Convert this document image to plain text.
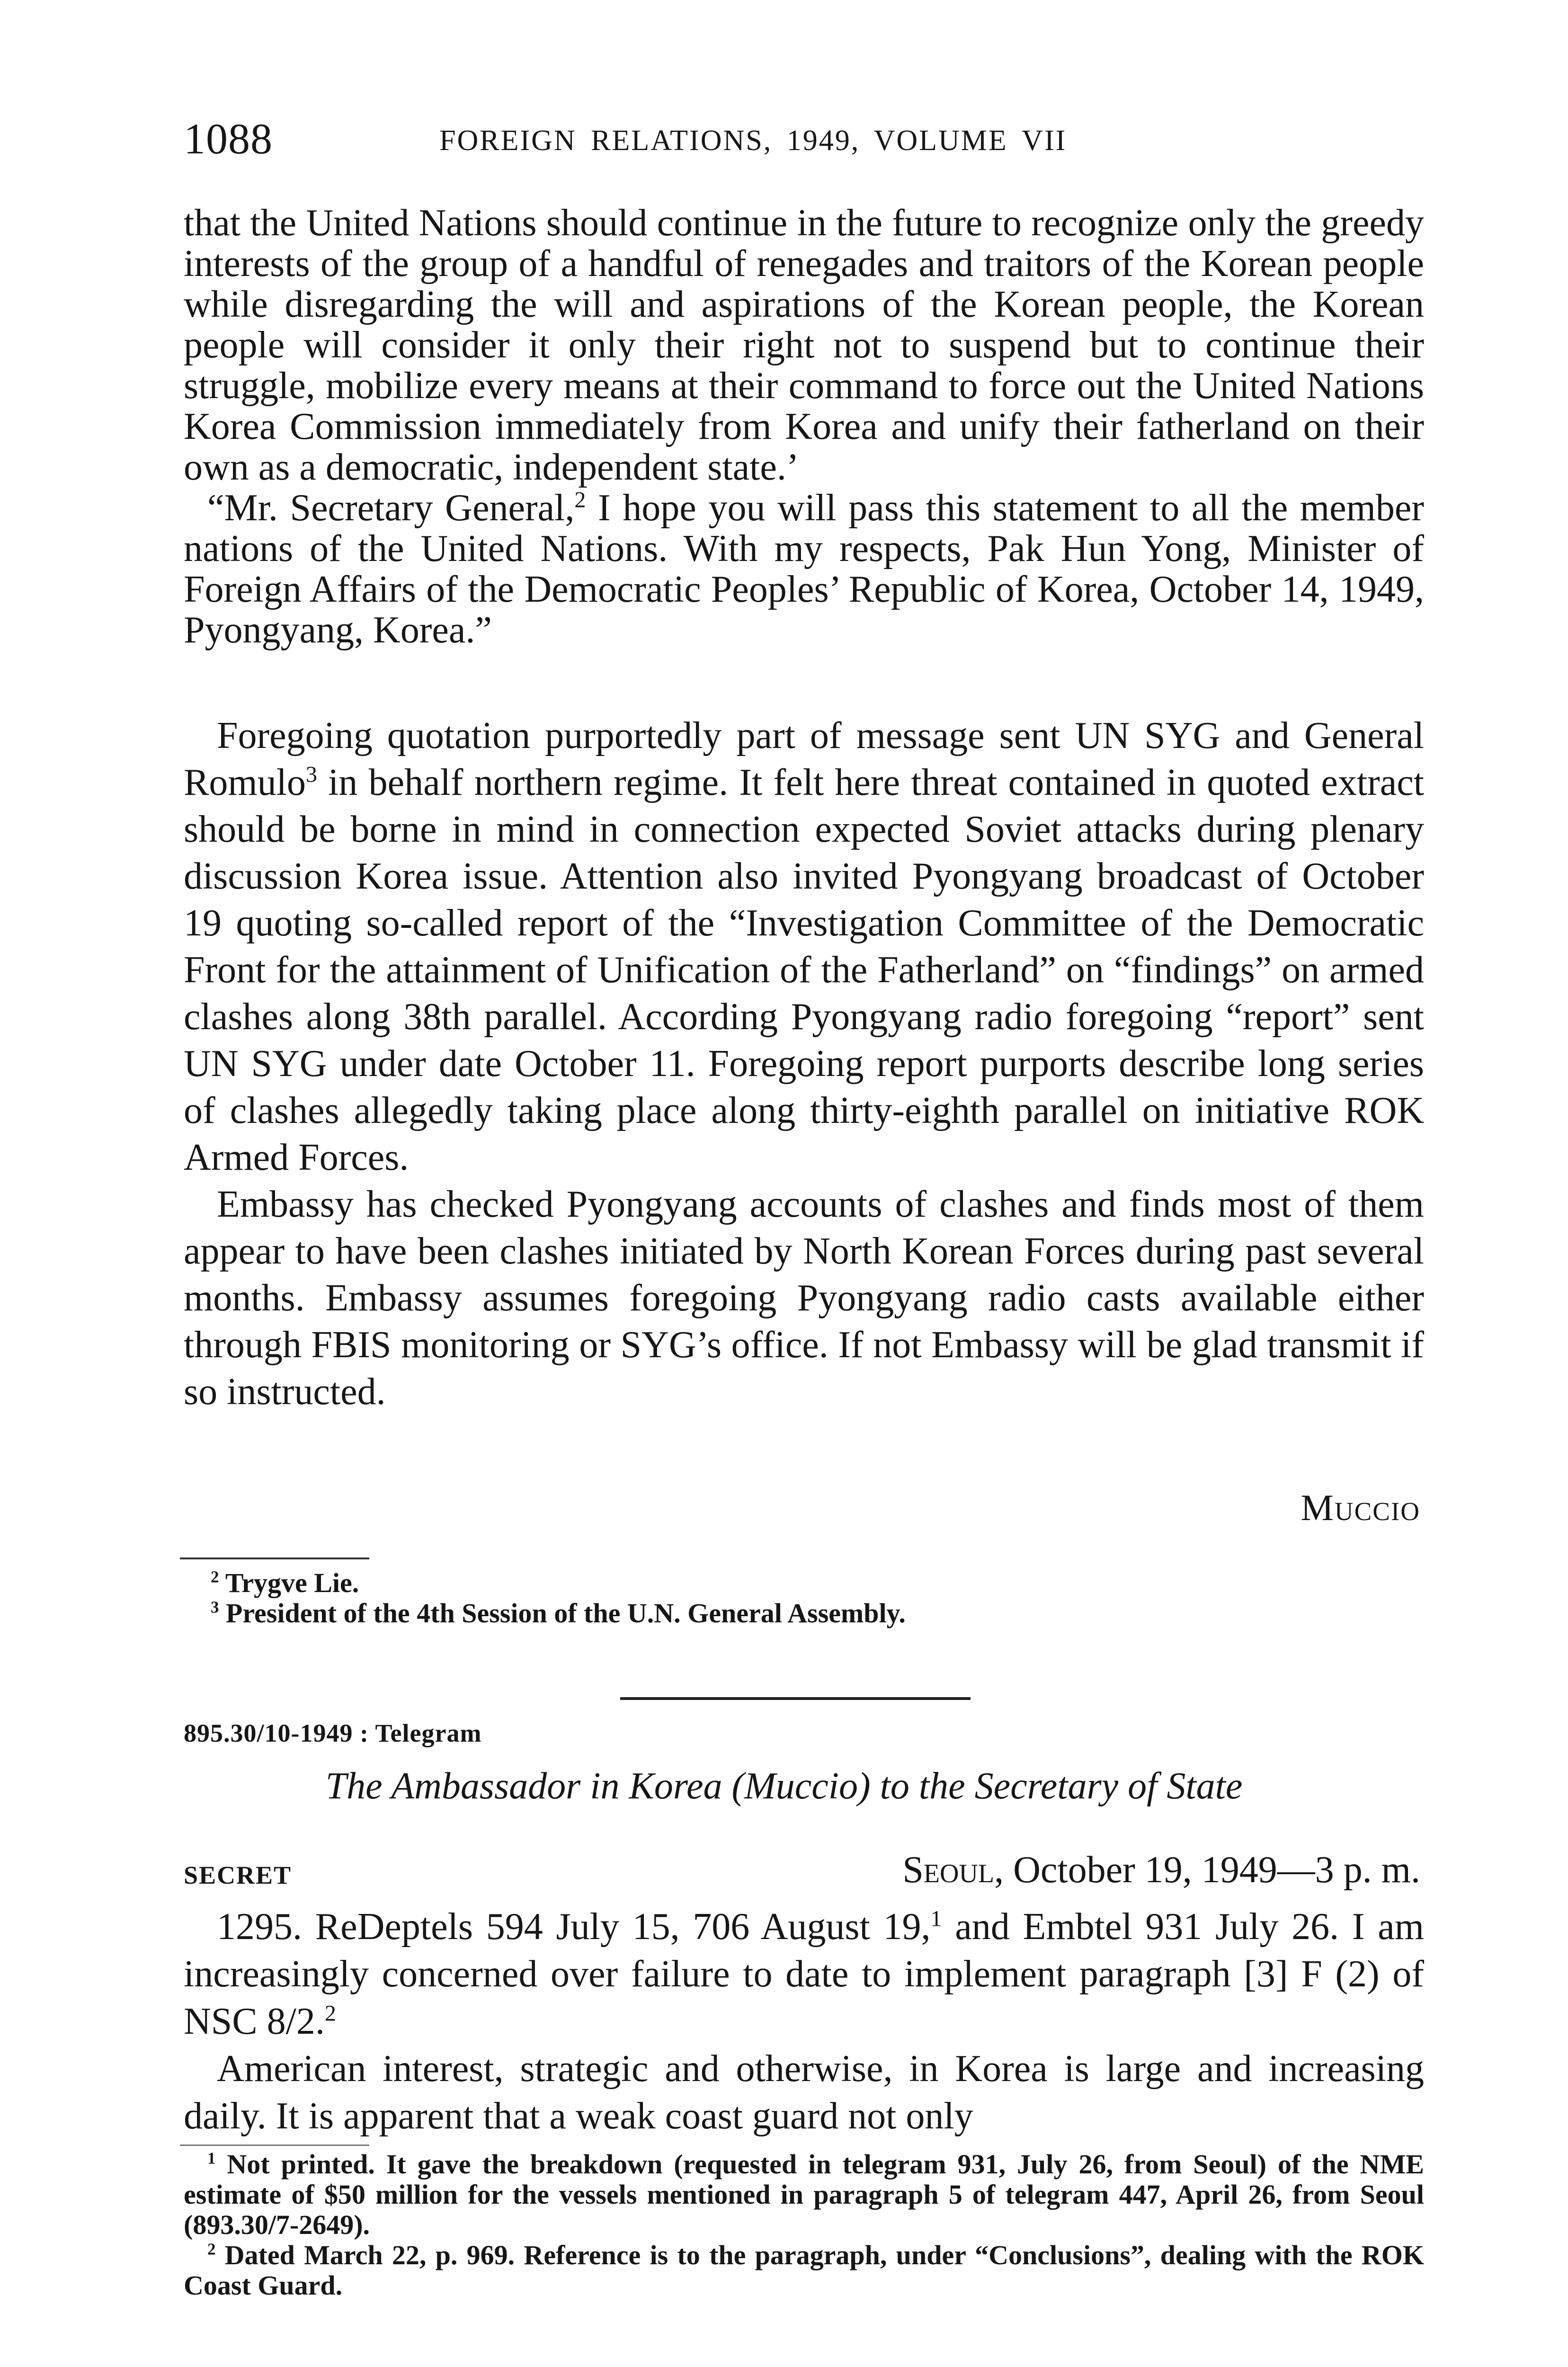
1088	FOREIGN RELATIONS, 1949, VOLUME VII

that the United Nations should continue in the future to recognize only the greedy interests of the group of a handful of renegades and traitors of the Korean people while disregarding the will and aspirations of the Korean people, the Korean people will consider it only their right not to suspend but to continue their struggle, mobilize every means at their command to force out the United Nations Korea Commission immediately from Korea and unify their fatherland on their own as a democratic, independent state.’

“Mr. Secretary General,$^2$ I hope you will pass this statement to all the member nations of the United Nations. With my respects, Pak Hun Yong, Minister of Foreign Affairs of the Democratic Peoples’ Republic of Korea, October 14, 1949, Pyongyang, Korea.”

Foregoing quotation purportedly part of message sent UN SYG and General Romulo$^3$ in behalf northern regime. It felt here threat contained in quoted extract should be borne in mind in connection expected Soviet attacks during plenary discussion Korea issue. Attention also invited Pyongyang broadcast of October 19 quoting so-called report of the “Investigation Committee of the Democratic Front for the attainment of Unification of the Fatherland” on “findings” on armed clashes along 38th parallel. According Pyongyang radio foregoing “report” sent UN SYG under date October 11. Foregoing report purports describe long series of clashes allegedly taking place along thirty-eighth parallel on initiative ROK Armed Forces.

Embassy has checked Pyongyang accounts of clashes and finds most of them appear to have been clashes initiated by North Korean Forces during past several months. Embassy assumes foregoing Pyongyang radio casts available either through FBIS monitoring or SYG’s office. If not Embassy will be glad transmit if so instructed.

Muccio
$^2$ Trygve Lie.
$^3$ President of the 4th Session of the U.N. General Assembly.
895.30/10-1949 : Telegram
The Ambassador in Korea (Muccio) to the Secretary of State
SECRET	Seoul, October 19, 1949—3 p. m.

1295. ReDeptels 594 July 15, 706 August 19,$^1$ and Embtel 931 July 26. I am increasingly concerned over failure to date to implement paragraph [3] F (2) of NSC 8/2.$^2$

American interest, strategic and otherwise, in Korea is large and increasing daily. It is apparent that a weak coast guard not only

$^1$ Not printed. It gave the breakdown (requested in telegram 931, July 26, from Seoul) of the NME estimate of $50 million for the vessels mentioned in paragraph 5 of telegram 447, April 26, from Seoul (893.30/7-2649).

$^2$ Dated March 22, p. 969. Reference is to the paragraph, under “Conclusions”, dealing with the ROK Coast Guard.
